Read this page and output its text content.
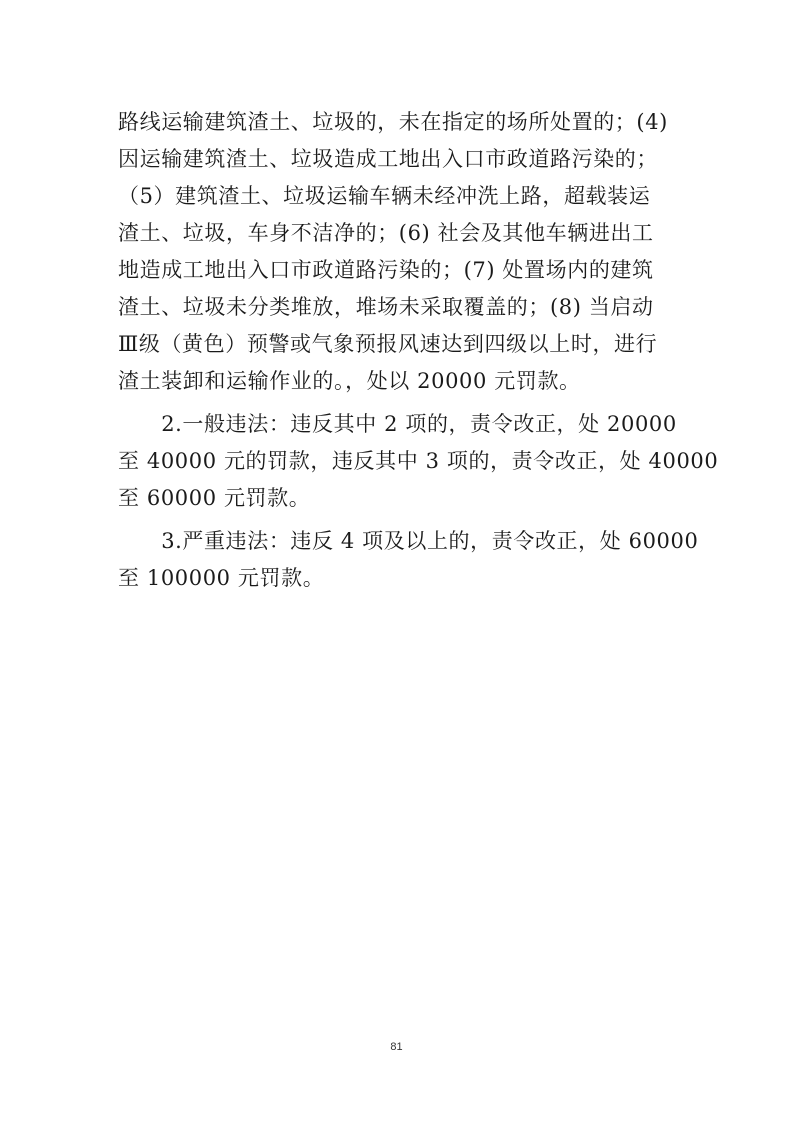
路线运输建筑渣土、垃圾的，未在指定的场所处置的；(4)
因运输建筑渣土、垃圾造成工地出入口市政道路污染的；
（5）建筑渣土、垃圾运输车辆未经冲洗上路，超载装运
渣土、垃圾，车身不洁净的；(6) 社会及其他车辆进出工
地造成工地出入口市政道路污染的；(7) 处置场内的建筑
渣土、垃圾未分类堆放，堆场未采取覆盖的；(8) 当启动
Ⅲ级（黄色）预警或气象预报风速达到四级以上时，进行
渣土装卸和运输作业的。，处以 20000 元罚款。
　　2.一般违法：违反其中 2 项的，责令改正，处 20000
至 40000 元的罚款，违反其中 3 项的，责令改正，处 40000
至 60000 元罚款。
　　3.严重违法：违反 4 项及以上的，责令改正，处 60000
至 100000 元罚款。
81
